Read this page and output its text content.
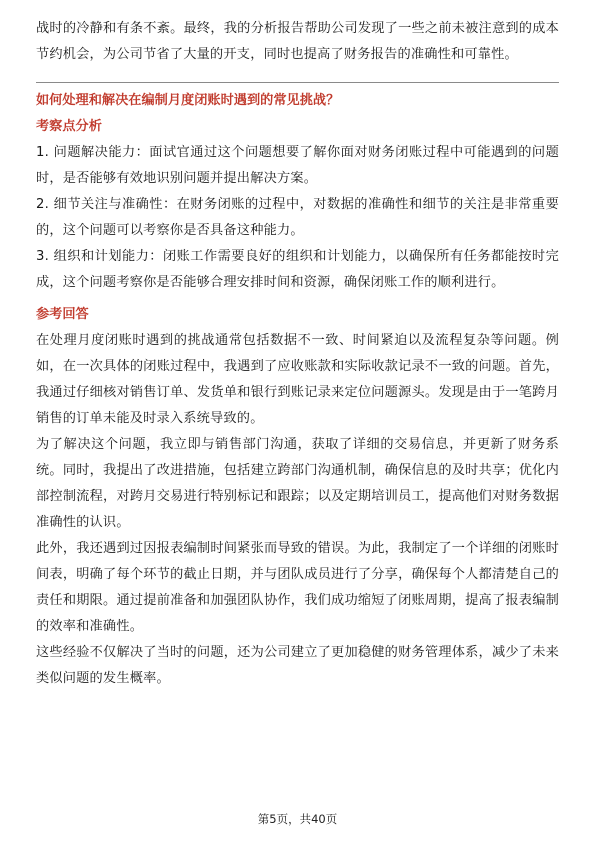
战时的冷静和有条不紊。最终，我的分析报告帮助公司发现了一些之前未被注意到的成本节约机会，为公司节省了大量的开支，同时也提高了财务报告的准确性和可靠性。

如何处理和解决在编制月度闭账时遇到的常见挑战？
考察点分析

1. 问题解决能力：面试官通过这个问题想要了解你面对财务闭账过程中可能遇到的问题时，是否能够有效地识别问题并提出解决方案。

2. 细节关注与准确性：在财务闭账的过程中，对数据的准确性和细节的关注是非常重要的，这个问题可以考察你是否具备这种能力。

3. 组织和计划能力：闭账工作需要良好的组织和计划能力，以确保所有任务都能按时完成，这个问题考察你是否能够合理安排时间和资源，确保闭账工作的顺利进行。

参考回答

在处理月度闭账时遇到的挑战通常包括数据不一致、时间紧迫以及流程复杂等问题。例如，在一次具体的闭账过程中，我遇到了应收账款和实际收款记录不一致的问题。首先，我通过仔细核对销售订单、发货单和银行到账记录来定位问题源头。发现是由于一笔跨月销售的订单未能及时录入系统导致的。

为了解决这个问题，我立即与销售部门沟通，获取了详细的交易信息，并更新了财务系统。同时，我提出了改进措施，包括建立跨部门沟通机制，确保信息的及时共享；优化内部控制流程，对跨月交易进行特别标记和跟踪；以及定期培训员工，提高他们对财务数据准确性的认识。

此外，我还遇到过因报表编制时间紧张而导致的错误。为此，我制定了一个详细的闭账时间表，明确了每个环节的截止日期，并与团队成员进行了分享，确保每个人都清楚自己的责任和期限。通过提前准备和加强团队协作，我们成功缩短了闭账周期，提高了报表编制的效率和准确性。

这些经验不仅解决了当时的问题，还为公司建立了更加稳健的财务管理体系，减少了未来类似问题的发生概率。

第5页，共40页
